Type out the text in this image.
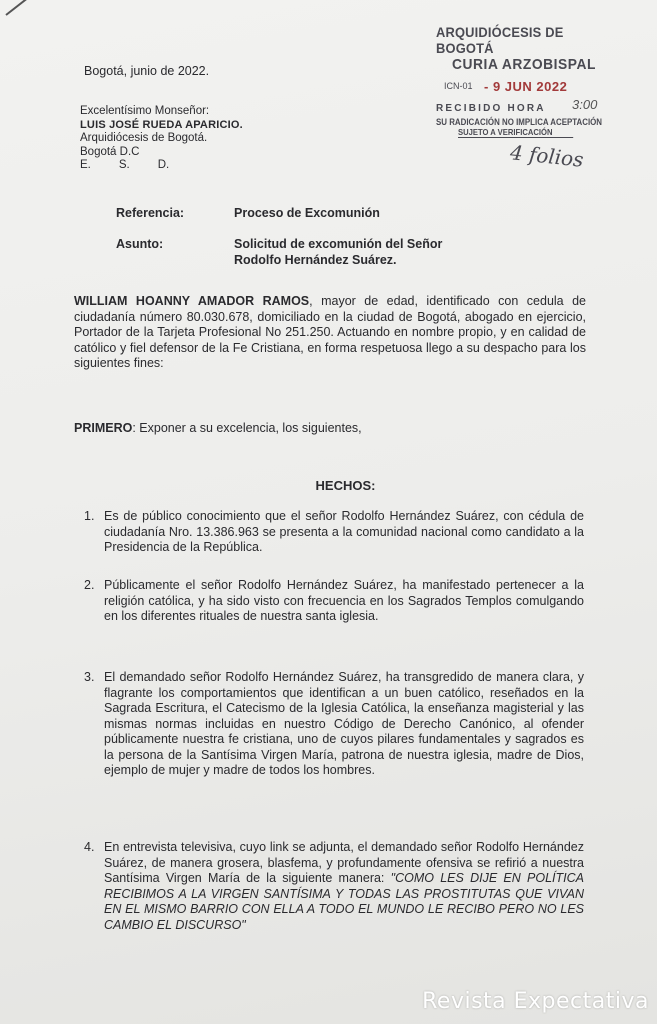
ARQUIDIÓCESIS DE BOGOTÁ
CURIA ARZOBISPAL
ICN-01 - 9 JUN 2022
RECIBIDO HORA 3:00
SU RADICACIÓN NO IMPLICA ACEPTACIÓN
SUJETO A VERIFICACIÓN
4 folios
Bogotá, junio de 2022.
Excelentísimo Monseñor:
LUIS JOSÉ RUEDA APARICIO.
Arquidiócesis de Bogotá.
Bogotá D.C
E. S. D.
Referencia:	Proceso de Excomunión
Asunto:	Solicitud de excomunión del Señor Rodolfo Hernández Suárez.
WILLIAM HOANNY AMADOR RAMOS, mayor de edad, identificado con cedula de ciudadanía número 80.030.678, domiciliado en la ciudad de Bogotá, abogado en ejercicio, Portador de la Tarjeta Profesional No 251.250. Actuando en nombre propio, y en calidad de católico y fiel defensor de la Fe Cristiana, en forma respetuosa llego a su despacho para los siguientes fines:
PRIMERO: Exponer a su excelencia, los siguientes,
HECHOS:
1. Es de público conocimiento que el señor Rodolfo Hernández Suárez, con cédula de ciudadanía Nro. 13.386.963 se presenta a la comunidad nacional como candidato a la Presidencia de la República.
2. Públicamente el señor Rodolfo Hernández Suárez, ha manifestado pertenecer a la religión católica, y ha sido visto con frecuencia en los Sagrados Templos comulgando en los diferentes rituales de nuestra santa iglesia.
3. El demandado señor Rodolfo Hernández Suárez, ha transgredido de manera clara, y flagrante los comportamientos que identifican a un buen católico, reseñados en la Sagrada Escritura, el Catecismo de la Iglesia Católica, la enseñanza magisterial y las mismas normas incluidas en nuestro Código de Derecho Canónico, al ofender públicamente nuestra fe cristiana, uno de cuyos pilares fundamentales y sagrados es la persona de la Santísima Virgen María, patrona de nuestra iglesia, madre de Dios, ejemplo de mujer y madre de todos los hombres.
4. En entrevista televisiva, cuyo link se adjunta, el demandado señor Rodolfo Hernández Suárez, de manera grosera, blasfema, y profundamente ofensiva se refirió a nuestra Santísima Virgen María de la siguiente manera: "COMO LES DIJE EN POLÍTICA RECIBIMOS A LA VIRGEN SANTÍSIMA Y TODAS LAS PROSTITUTAS QUE VIVAN EN EL MISMO BARRIO CON ELLA A TODO EL MUNDO LE RECIBO PERO NO LES CAMBIO EL DISCURSO"
Revista Expectativa
